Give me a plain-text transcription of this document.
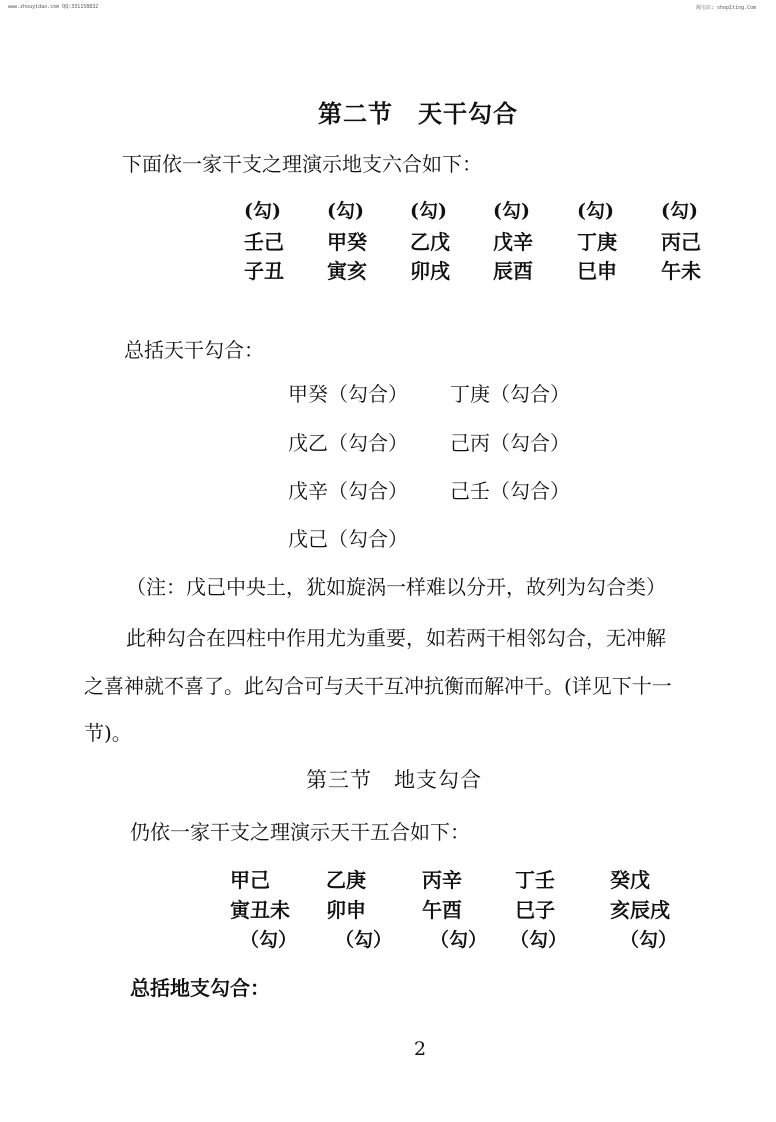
www.zhouyidao.com QQ:331158832	淘宝店: shop1ting.Com
第二节　天干勾合
下面依一家干支之理演示地支六合如下：
(勾) (勾) (勾) (勾) (勾) (勾)
壬己 甲癸 乙戊 戊辛 丁庚 丙己
子丑 寅亥 卯戌 辰酉 巳申 午未
总括天干勾合：
甲癸（勾合） 丁庚（勾合）
戊乙（勾合） 己丙（勾合）
戊辛（勾合） 己壬（勾合）
戊己（勾合）
（注：戊己中央土，犹如旋涡一样难以分开，故列为勾合类）
此种勾合在四柱中作用尤为重要，如若两干相邻勾合，无冲解
之喜神就不喜了。此勾合可与天干互冲抗衡而解冲干。(详见下十一
节)。
第三节　地支勾合
仍依一家干支之理演示天干五合如下：
甲己	乙庚	丙辛	丁壬	癸戊
寅丑未 卯申	午酉	巳子	亥辰戌
（勾） （勾） （勾） （勾）	（勾）
总括地支勾合：
2
